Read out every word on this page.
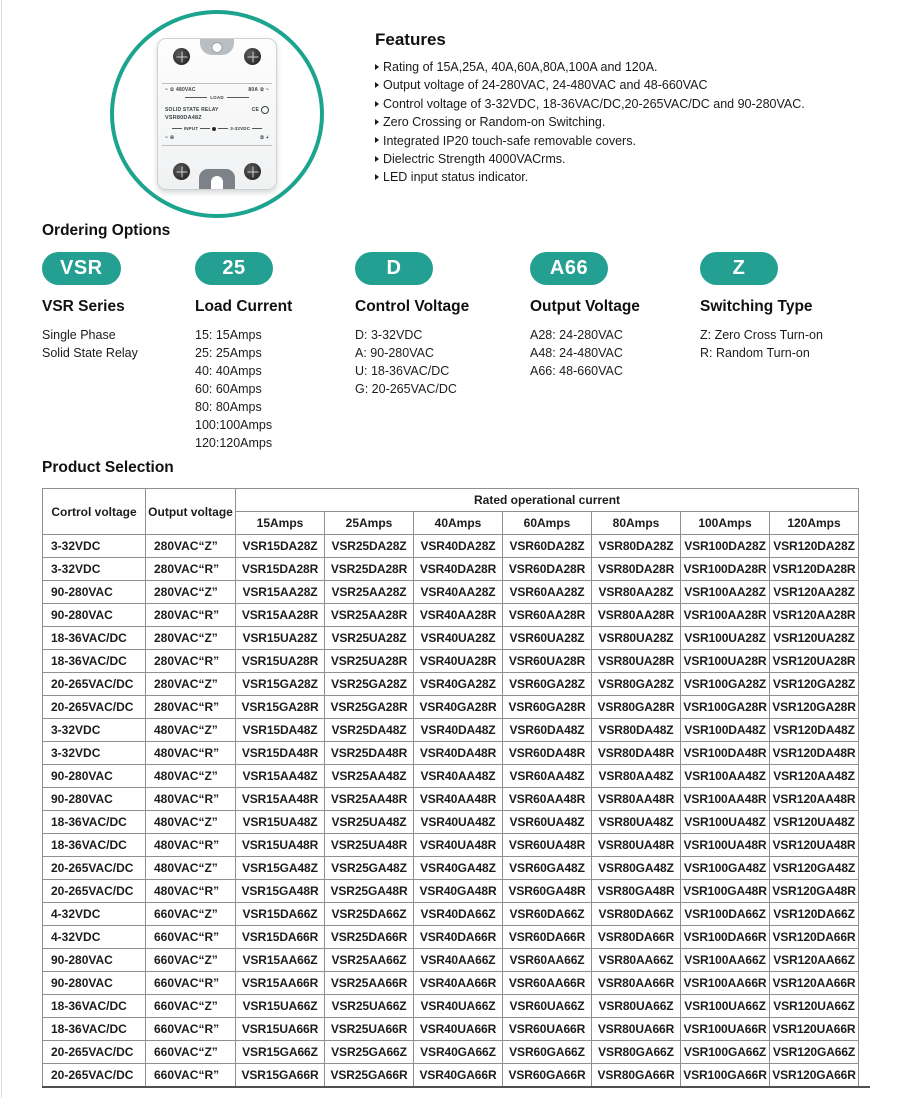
~ ① 480VAC	80A ② ~
LOAD
SOLID STATE RELAY	CE
VSR80DA48Z
INPUT	3-32VDC
~ ④	③ +
Features
Rating of 15A,25A, 40A,60A,80A,100A and 120A.
Output voltage of 24-280VAC, 24-480VAC and 48-660VAC
Control voltage of 3-32VDC, 18-36VAC/DC,20-265VAC/DC and 90-280VAC.
Zero Crossing or Random-on Switching.
Integrated IP20 touch-safe removable covers.
Dielectric Strength 4000VACrms.
LED input status indicator.
Ordering Options
VSR
VSR Series
Single Phase
Solid State Relay
25
Load Current
15: 15Amps
25: 25Amps
40: 40Amps
60: 60Amps
80: 80Amps
100:100Amps
120:120Amps
D
Control Voltage
D: 3-32VDC
A: 90-280VAC
U: 18-36VAC/DC
G: 20-265VAC/DC
A66
Output Voltage
A28: 24-280VAC
A48: 24-480VAC
A66: 48-660VAC
Z
Switching Type
Z: Zero Cross Turn-on
R: Random Turn-on
Product Selection
Cortrol voltage	Output voltage	Rated operational current						
		15Amps	25Amps	40Amps	60Amps	80Amps	100Amps	120Amps
3-32VDC	280VAC“Z”	VSR15DA28Z	VSR25DA28Z	VSR40DA28Z	VSR60DA28Z	VSR80DA28Z	VSR100DA28Z	VSR120DA28Z
3-32VDC	280VAC“R”	VSR15DA28R	VSR25DA28R	VSR40DA28R	VSR60DA28R	VSR80DA28R	VSR100DA28R	VSR120DA28R
90-280VAC	280VAC“Z”	VSR15AA28Z	VSR25AA28Z	VSR40AA28Z	VSR60AA28Z	VSR80AA28Z	VSR100AA28Z	VSR120AA28Z
90-280VAC	280VAC“R”	VSR15AA28R	VSR25AA28R	VSR40AA28R	VSR60AA28R	VSR80AA28R	VSR100AA28R	VSR120AA28R
18-36VAC/DC	280VAC“Z”	VSR15UA28Z	VSR25UA28Z	VSR40UA28Z	VSR60UA28Z	VSR80UA28Z	VSR100UA28Z	VSR120UA28Z
18-36VAC/DC	280VAC“R”	VSR15UA28R	VSR25UA28R	VSR40UA28R	VSR60UA28R	VSR80UA28R	VSR100UA28R	VSR120UA28R
20-265VAC/DC	280VAC“Z”	VSR15GA28Z	VSR25GA28Z	VSR40GA28Z	VSR60GA28Z	VSR80GA28Z	VSR100GA28Z	VSR120GA28Z
20-265VAC/DC	280VAC“R”	VSR15GA28R	VSR25GA28R	VSR40GA28R	VSR60GA28R	VSR80GA28R	VSR100GA28R	VSR120GA28R
3-32VDC	480VAC“Z”	VSR15DA48Z	VSR25DA48Z	VSR40DA48Z	VSR60DA48Z	VSR80DA48Z	VSR100DA48Z	VSR120DA48Z
3-32VDC	480VAC“R”	VSR15DA48R	VSR25DA48R	VSR40DA48R	VSR60DA48R	VSR80DA48R	VSR100DA48R	VSR120DA48R
90-280VAC	480VAC“Z”	VSR15AA48Z	VSR25AA48Z	VSR40AA48Z	VSR60AA48Z	VSR80AA48Z	VSR100AA48Z	VSR120AA48Z
90-280VAC	480VAC“R”	VSR15AA48R	VSR25AA48R	VSR40AA48R	VSR60AA48R	VSR80AA48R	VSR100AA48R	VSR120AA48R
18-36VAC/DC	480VAC“Z”	VSR15UA48Z	VSR25UA48Z	VSR40UA48Z	VSR60UA48Z	VSR80UA48Z	VSR100UA48Z	VSR120UA48Z
18-36VAC/DC	480VAC“R”	VSR15UA48R	VSR25UA48R	VSR40UA48R	VSR60UA48R	VSR80UA48R	VSR100UA48R	VSR120UA48R
20-265VAC/DC	480VAC“Z”	VSR15GA48Z	VSR25GA48Z	VSR40GA48Z	VSR60GA48Z	VSR80GA48Z	VSR100GA48Z	VSR120GA48Z
20-265VAC/DC	480VAC“R”	VSR15GA48R	VSR25GA48R	VSR40GA48R	VSR60GA48R	VSR80GA48R	VSR100GA48R	VSR120GA48R
4-32VDC	660VAC“Z”	VSR15DA66Z	VSR25DA66Z	VSR40DA66Z	VSR60DA66Z	VSR80DA66Z	VSR100DA66Z	VSR120DA66Z
4-32VDC	660VAC“R”	VSR15DA66R	VSR25DA66R	VSR40DA66R	VSR60DA66R	VSR80DA66R	VSR100DA66R	VSR120DA66R
90-280VAC	660VAC“Z”	VSR15AA66Z	VSR25AA66Z	VSR40AA66Z	VSR60AA66Z	VSR80AA66Z	VSR100AA66Z	VSR120AA66Z
90-280VAC	660VAC“R”	VSR15AA66R	VSR25AA66R	VSR40AA66R	VSR60AA66R	VSR80AA66R	VSR100AA66R	VSR120AA66R
18-36VAC/DC	660VAC“Z”	VSR15UA66Z	VSR25UA66Z	VSR40UA66Z	VSR60UA66Z	VSR80UA66Z	VSR100UA66Z	VSR120UA66Z
18-36VAC/DC	660VAC“R”	VSR15UA66R	VSR25UA66R	VSR40UA66R	VSR60UA66R	VSR80UA66R	VSR100UA66R	VSR120UA66R
20-265VAC/DC	660VAC“Z”	VSR15GA66Z	VSR25GA66Z	VSR40GA66Z	VSR60GA66Z	VSR80GA66Z	VSR100GA66Z	VSR120GA66Z
20-265VAC/DC	660VAC“R”	VSR15GA66R	VSR25GA66R	VSR40GA66R	VSR60GA66R	VSR80GA66R	VSR100GA66R	VSR120GA66R
